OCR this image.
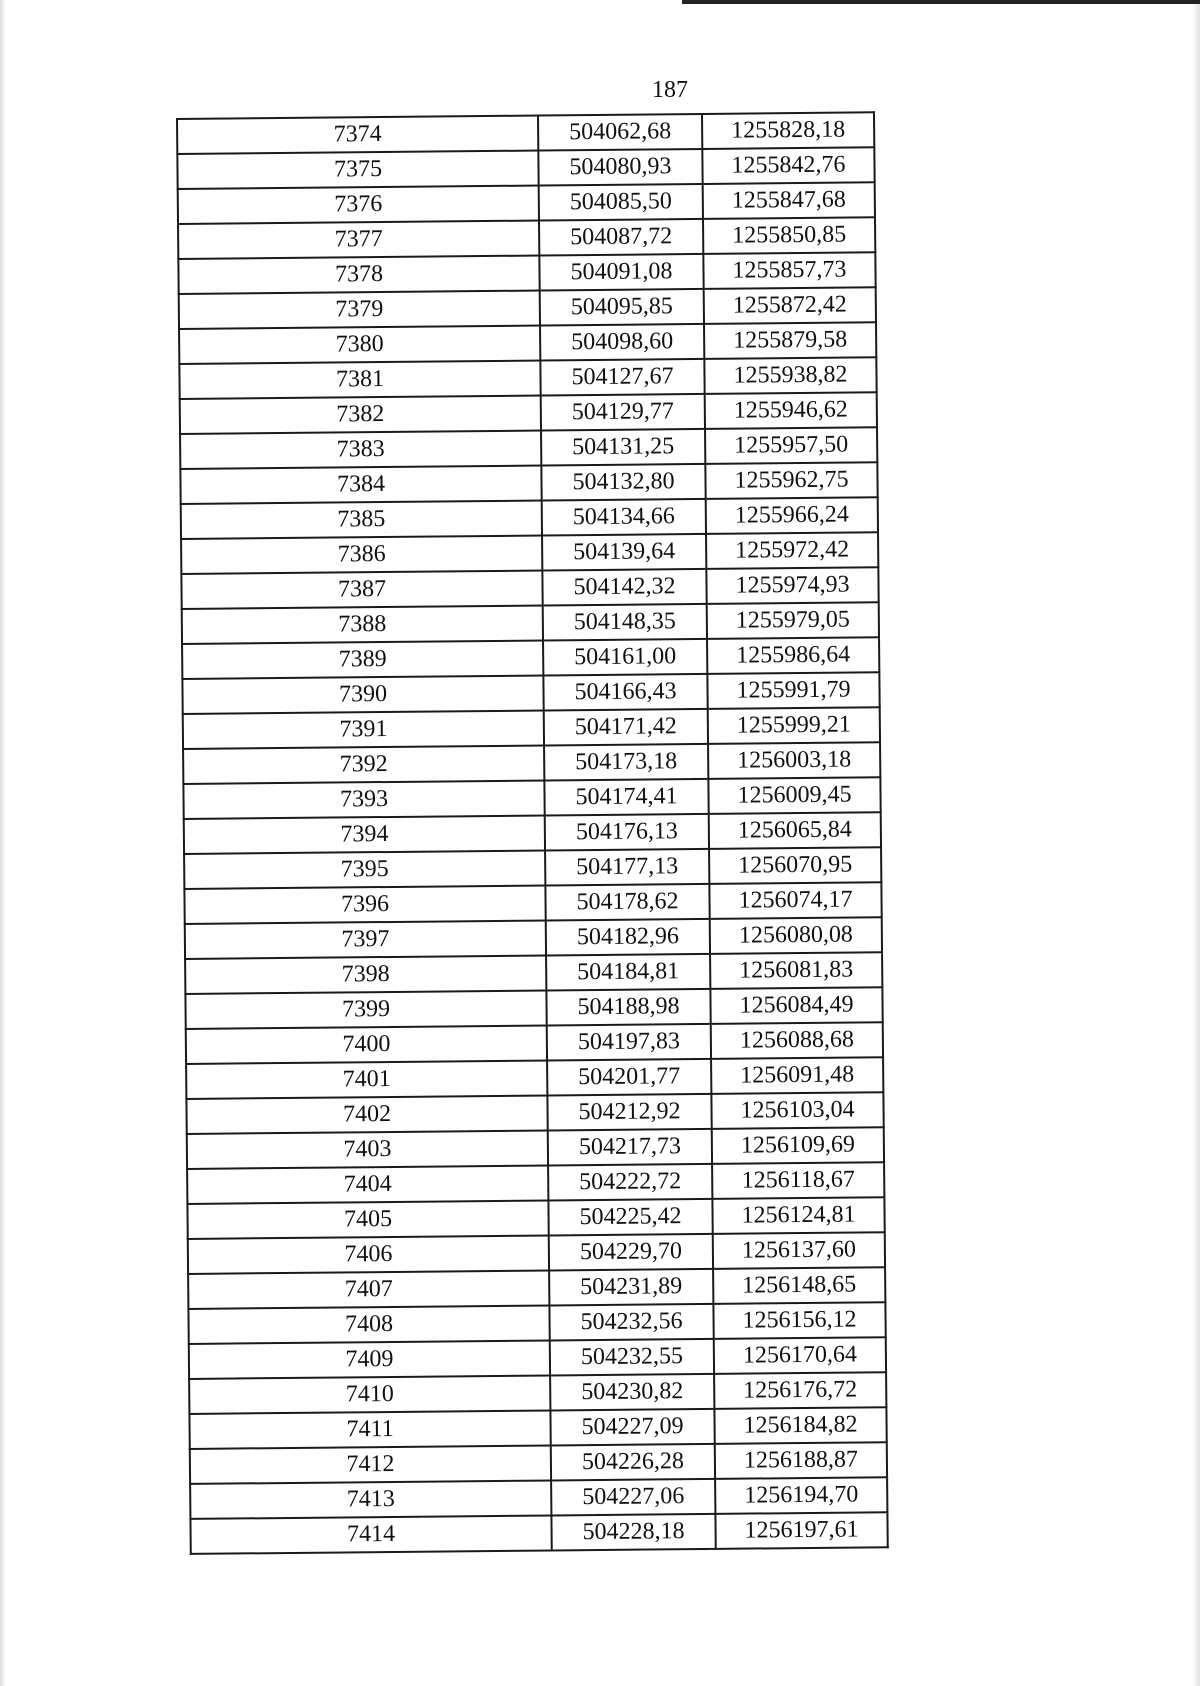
187
7374	504062,68	1255828,18
7375	504080,93	1255842,76
7376	504085,50	1255847,68
7377	504087,72	1255850,85
7378	504091,08	1255857,73
7379	504095,85	1255872,42
7380	504098,60	1255879,58
7381	504127,67	1255938,82
7382	504129,77	1255946,62
7383	504131,25	1255957,50
7384	504132,80	1255962,75
7385	504134,66	1255966,24
7386	504139,64	1255972,42
7387	504142,32	1255974,93
7388	504148,35	1255979,05
7389	504161,00	1255986,64
7390	504166,43	1255991,79
7391	504171,42	1255999,21
7392	504173,18	1256003,18
7393	504174,41	1256009,45
7394	504176,13	1256065,84
7395	504177,13	1256070,95
7396	504178,62	1256074,17
7397	504182,96	1256080,08
7398	504184,81	1256081,83
7399	504188,98	1256084,49
7400	504197,83	1256088,68
7401	504201,77	1256091,48
7402	504212,92	1256103,04
7403	504217,73	1256109,69
7404	504222,72	1256118,67
7405	504225,42	1256124,81
7406	504229,70	1256137,60
7407	504231,89	1256148,65
7408	504232,56	1256156,12
7409	504232,55	1256170,64
7410	504230,82	1256176,72
7411	504227,09	1256184,82
7412	504226,28	1256188,87
7413	504227,06	1256194,70
7414	504228,18	1256197,61
